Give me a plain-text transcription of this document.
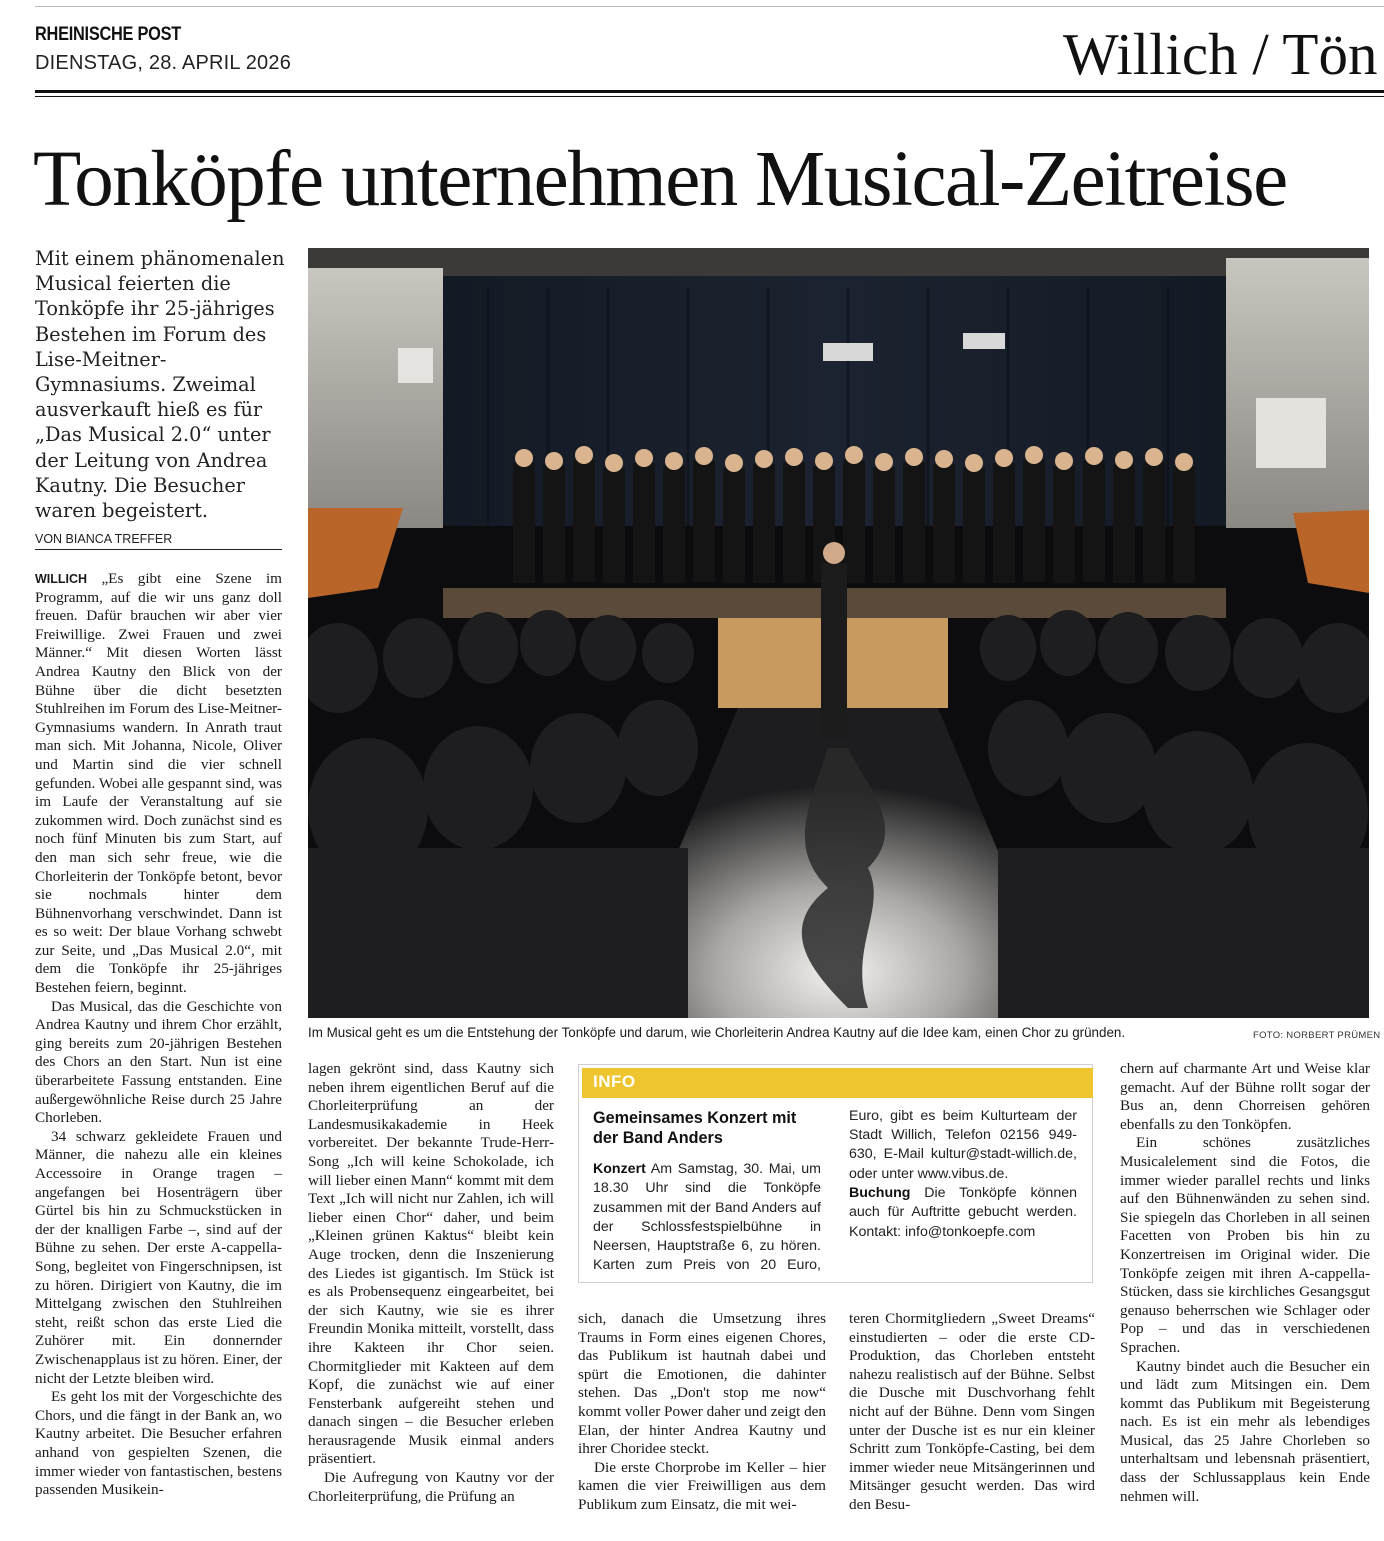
RHEINISCHE POST
DIENSTAG, 28. APRIL 2026	Willich / Tön
Tonköpfe unternehmen Musical-Zeitreise

Mit einem phänomenalen Musical feierten die Tonköpfe ihr 25-jähriges Bestehen im Forum des Lise-Meitner-Gymnasiums. Zweimal ausverkauft hieß es für „Das Musical 2.0“ unter der Leitung von Andrea Kautny. Die Besucher waren begeistert.

VON BIANCA TREFFER

WILLICH „Es gibt eine Szene im Programm, auf die wir uns ganz doll freuen. Dafür brauchen wir aber vier Freiwillige. Zwei Frauen und zwei Männer.“ Mit diesen Worten lässt Andrea Kautny den Blick von der Bühne über die dicht besetzten Stuhlreihen im Forum des Lise-Meitner-Gymnasiums wandern. In Anrath traut man sich. Mit Johanna, Nicole, Oliver und Martin sind die vier schnell gefunden. Wobei alle gespannt sind, was im Laufe der Veranstaltung auf sie zukommen wird. Doch zunächst sind es noch fünf Minuten bis zum Start, auf den man sich sehr freue, wie die Chorleiterin der Tonköpfe betont, bevor sie nochmals hinter dem Bühnenvorhang verschwindet. Dann ist es so weit: Der blaue Vorhang schwebt zur Seite, und „Das Musical 2.0“, mit dem die Tonköpfe ihr 25-jähriges Bestehen feiern, beginnt.

Das Musical, das die Geschichte von Andrea Kautny und ihrem Chor erzählt, ging bereits zum 20-jährigen Bestehen des Chors an den Start. Nun ist eine überarbeitete Fassung entstanden. Eine außergewöhnliche Reise durch 25 Jahre Chorleben.

34 schwarz gekleidete Frauen und Männer, die nahezu alle ein kleines Accessoire in Orange tragen – angefangen bei Hosenträgern über Gürtel bis hin zu Schmuckstücken in der der knalligen Farbe –, sind auf der Bühne zu sehen. Der erste A-cappella-Song, begleitet von Fingerschnipsen, ist zu hören. Dirigiert von Kautny, die im Mittelgang zwischen den Stuhlreihen steht, reißt schon das erste Lied die Zuhörer mit. Ein donnernder Zwischenapplaus ist zu hören. Einer, der nicht der Letzte bleiben wird.

Es geht los mit der Vorgeschichte des Chors, und die fängt in der Bank an, wo Kautny arbeitet. Die Besucher erfahren anhand von gespielten Szenen, die immer wieder von fantastischen, bestens passenden Musikein-

Im Musical geht es um die Entstehung der Tonköpfe und darum, wie Chorleiterin Andrea Kautny auf die Idee kam, einen Chor zu gründen.	FOTO: NORBERT PRÜMEN

lagen gekrönt sind, dass Kautny sich neben ihrem eigentlichen Beruf auf die Chorleiterprüfung an der Landesmusikakademie in Heek vorbereitet. Der bekannte Trude-Herr-Song „Ich will keine Schokolade, ich will lieber einen Mann“ kommt mit dem Text „Ich will nicht nur Zahlen, ich will lieber einen Chor“ daher, und beim „Kleinen grünen Kaktus“ bleibt kein Auge trocken, denn die Inszenierung des Liedes ist gigantisch. Im Stück ist es als Probensequenz eingearbeitet, bei der sich Kautny, wie sie es ihrer Freundin Monika mitteilt, vorstellt, dass ihre Kakteen ihr Chor seien. Chormitglieder mit Kakteen auf dem Kopf, die zunächst wie auf einer Fensterbank aufgereiht stehen und danach singen – die Besucher erleben herausragende Musik einmal anders präsentiert.

Die Aufregung von Kautny vor der Chorleiterprüfung, die Prüfung an

INFO
Gemeinsames Konzert mit der Band Anders
Konzert Am Samstag, 30. Mai, um 18.30 Uhr sind die Tonköpfe zusammen mit der Band Anders auf der Schlossfestspielbühne in Neersen, Hauptstraße 6, zu hören. Karten zum Preis von 20 Euro,
Euro, gibt es beim Kulturteam der Stadt Willich, Telefon 02156 949-630, E-Mail kultur@stadt-willich.de, oder unter www.vibus.de.
Buchung Die Tonköpfe können auch für Auftritte gebucht werden. Kontakt: info@tonkoepfe.com

sich, danach die Umsetzung ihres Traums in Form eines eigenen Chores, das Publikum ist hautnah dabei und spürt die Emotionen, die dahinter stehen. Das „Don't stop me now“ kommt voller Power daher und zeigt den Elan, der hinter Andrea Kautny und ihrer Choridee steckt.

Die erste Chorprobe im Keller – hier kamen die vier Freiwilligen aus dem Publikum zum Einsatz, die mit wei-

teren Chormitgliedern „Sweet Dreams“ einstudierten – oder die erste CD-Produktion, das Chorleben entsteht nahezu realistisch auf der Bühne. Selbst die Dusche mit Duschvorhang fehlt nicht auf der Bühne. Denn vom Singen unter der Dusche ist es nur ein kleiner Schritt zum Tonköpfe-Casting, bei dem immer wieder neue Mitsängerinnen und Mitsänger gesucht werden. Das wird den Besu-

chern auf charmante Art und Weise klar gemacht. Auf der Bühne rollt sogar der Bus an, denn Chorreisen gehören ebenfalls zu den Tonköpfen.

Ein schönes zusätzliches Musicalelement sind die Fotos, die immer wieder parallel rechts und links auf den Bühnenwänden zu sehen sind. Sie spiegeln das Chorleben in all seinen Facetten von Proben bis hin zu Konzertreisen im Original wider. Die Tonköpfe zeigen mit ihren A-cappella-Stücken, dass sie kirchliches Gesangsgut genauso beherrschen wie Schlager oder Pop – und das in verschiedenen Sprachen.

Kautny bindet auch die Besucher ein und lädt zum Mitsingen ein. Dem kommt das Publikum mit Begeisterung nach. Es ist ein mehr als lebendiges Musical, das 25 Jahre Chorleben so unterhaltsam und lebensnah präsentiert, dass der Schlussapplaus kein Ende nehmen will.
